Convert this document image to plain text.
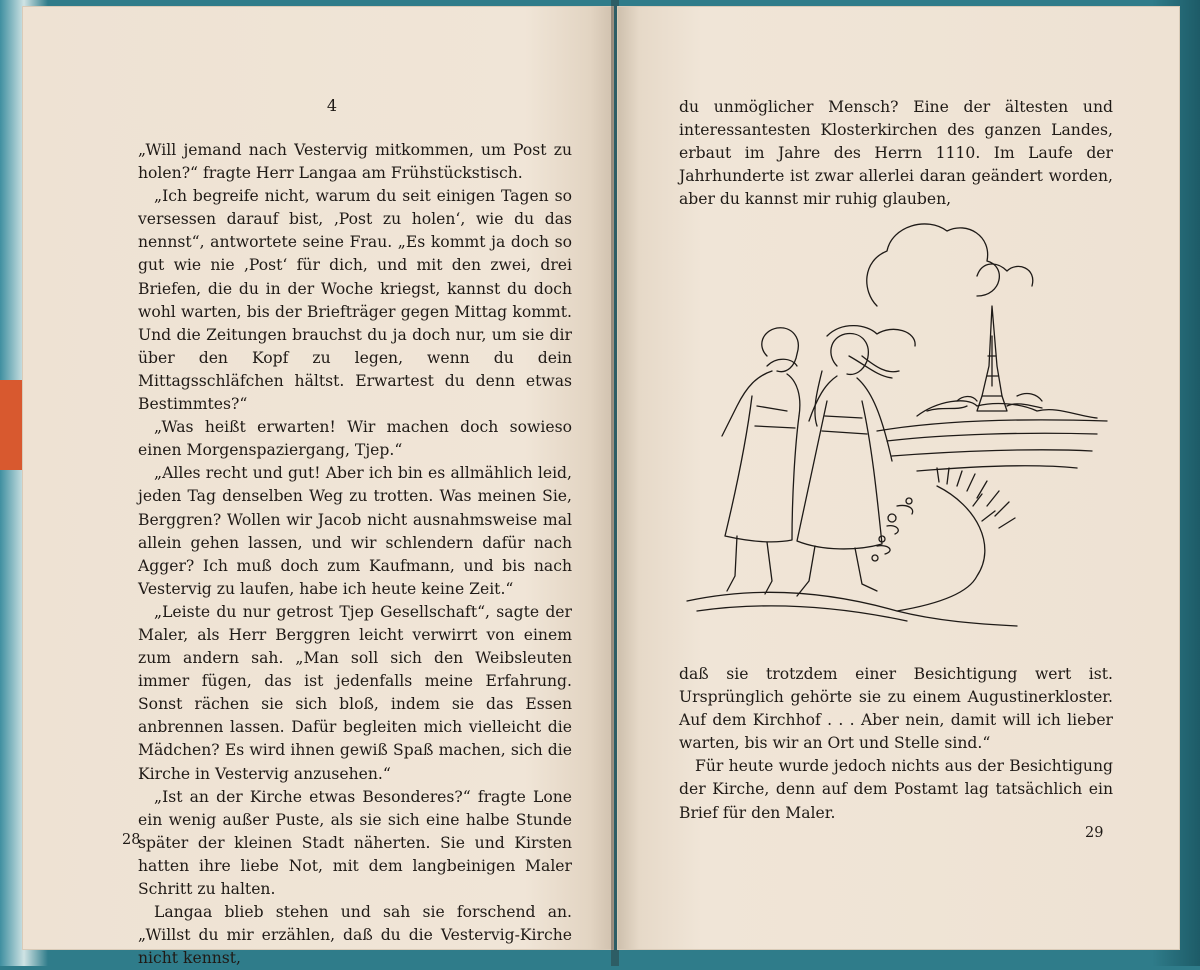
4

„Will jemand nach Vestervig mitkommen, um Post zu holen?“ fragte Herr Langaa am Frühstückstisch.

„Ich begreife nicht, warum du seit einigen Tagen so versessen darauf bist, ‚Post zu holen‘, wie du das nennst“, antwortete seine Frau. „Es kommt ja doch so gut wie nie ‚Post‘ für dich, und mit den zwei, drei Briefen, die du in der Woche kriegst, kannst du doch wohl warten, bis der Briefträger gegen Mittag kommt. Und die Zeitungen brauchst du ja doch nur, um sie dir über den Kopf zu legen, wenn du dein Mittagsschläfchen hältst. Erwartest du denn etwas Bestimmtes?“

„Was heißt erwarten! Wir machen doch sowieso einen Morgenspaziergang, Tjep.“

„Alles recht und gut! Aber ich bin es allmählich leid, jeden Tag denselben Weg zu trotten. Was meinen Sie, Berggren? Wollen wir Jacob nicht ausnahmsweise mal allein gehen lassen, und wir schlendern dafür nach Agger? Ich muß doch zum Kaufmann, und bis nach Vestervig zu laufen, habe ich heute keine Zeit.“

„Leiste du nur getrost Tjep Gesellschaft“, sagte der Maler, als Herr Berggren leicht verwirrt von einem zum andern sah. „Man soll sich den Weibsleuten immer fügen, das ist jedenfalls meine Erfahrung. Sonst rächen sie sich bloß, indem sie das Essen anbrennen lassen. Dafür begleiten mich vielleicht die Mädchen? Es wird ihnen gewiß Spaß machen, sich die Kirche in Vestervig anzusehen.“

„Ist an der Kirche etwas Besonderes?“ fragte Lone ein wenig außer Puste, als sie sich eine halbe Stunde später der kleinen Stadt näherten. Sie und Kirsten hatten ihre liebe Not, mit dem langbeinigen Maler Schritt zu halten.

Langaa blieb stehen und sah sie forschend an. „Willst du mir erzählen, daß du die Vestervig-Kirche nicht kennst,

28

du unmöglicher Mensch? Eine der ältesten und interessantesten Klosterkirchen des ganzen Landes, erbaut im Jahre des Herrn 1110. Im Laufe der Jahrhunderte ist zwar allerlei daran geändert worden, aber du kannst mir ruhig glauben,

daß sie trotzdem einer Besichtigung wert ist. Ursprünglich gehörte sie zu einem Augustinerkloster. Auf dem Kirchhof . . . Aber nein, damit will ich lieber warten, bis wir an Ort und Stelle sind.“

Für heute wurde jedoch nichts aus der Besichtigung der Kirche, denn auf dem Postamt lag tatsächlich ein Brief für den Maler.

29
